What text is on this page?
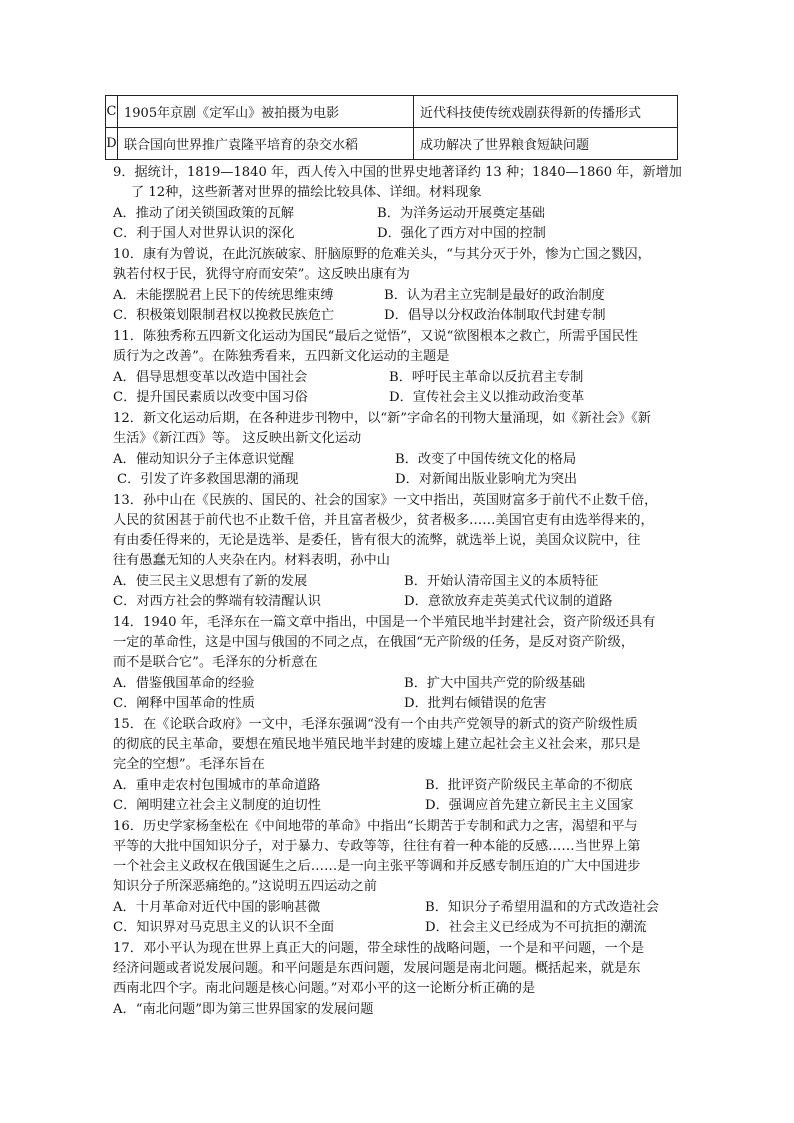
C	1905年京剧《定军山》被拍摄为电影	近代科技使传统戏剧获得新的传播形式
D	联合国向世界推广袁隆平培育的杂交水稻	成功解决了世界粮食短缺问题
9．据统计，1819—1840 年，西人传入中国的世界史地著译约 13 种；1840—1860 年，新增加
了 12种，这些新著对世界的描绘比较具体、详细。材料现象
A．推动了闭关锁国政策的瓦解	B．为洋务运动开展奠定基础
C．利于国人对世界认识的深化	D．强化了西方对中国的控制
10．康有为曾说，在此沉族破家、肝脑原野的危难关头，“与其分灭于外，惨为亡国之戮囚，
孰若付权于民，犹得守府而安荣”。这反映出康有为
A．未能摆脱君上民下的传统思维束缚	B．认为君主立宪制是最好的政治制度
C．积极策划限制君权以挽救民族危亡	D．倡导以分权政治体制取代封建专制
11．陈独秀称五四新文化运动为国民“最后之觉悟”，又说“欲图根本之救亡，所需乎国民性
质行为之改善”。在陈独秀看来，五四新文化运动的主题是
A．倡导思想变革以改造中国社会	B．呼吁民主革命以反抗君主专制
C．提升国民素质以改变中国习俗	D．宣传社会主义以推动政治变革
12．新文化运动后期，在各种进步刊物中，以“新”字命名的刊物大量涌现，如《新社会》《新
生活》《新江西》等。 这反映出新文化运动
A．催动知识分子主体意识觉醒	B．改变了中国传统文化的格局
C．引发了许多救国思潮的涌现	D．对新闻出版业影响尤为突出
13．孙中山在《民族的、国民的、社会的国家》一文中指出，英国财富多于前代不止数千倍，
人民的贫困甚于前代也不止数千倍，并且富者极少，贫者极多……美国官吏有由选举得来的，
有由委任得来的，无论是选举、是委任，皆有很大的流弊，就选举上说，美国众议院中，往
往有愚蠢无知的人夹杂在内。材料表明，孙中山
A．使三民主义思想有了新的发展	B．开始认清帝国主义的本质特征
C．对西方社会的弊端有较清醒认识	D．意欲放弃走英美式代议制的道路
14．1940 年，毛泽东在一篇文章中指出，中国是一个半殖民地半封建社会，资产阶级还具有
一定的革命性，这是中国与俄国的不同之点，在俄国“无产阶级的任务，是反对资产阶级，
而不是联合它”。毛泽东的分析意在
A．借鉴俄国革命的经验	B．扩大中国共产党的阶级基础
C．阐释中国革命的性质	D．批判右倾错误的危害
15．在《论联合政府》一文中，毛泽东强调“没有一个由共产党领导的新式的资产阶级性质
的彻底的民主革命，要想在殖民地半殖民地半封建的废墟上建立起社会主义社会来，那只是
完全的空想”。毛泽东旨在
A．重申走农村包围城市的革命道路	B．批评资产阶级民主革命的不彻底
C．阐明建立社会主义制度的迫切性	D．强调应首先建立新民主主义国家
16．历史学家杨奎松在《中间地带的革命》中指出“长期苦于专制和武力之害，渴望和平与
平等的大批中国知识分子，对于暴力、专政等等，往往有着一种本能的反感……当世界上第
一个社会主义政权在俄国诞生之后……是一向主张平等调和并反感专制压迫的广大中国进步
知识分子所深恶痛绝的。”这说明五四运动之前
A．十月革命对近代中国的影响甚微	B．知识分子希望用温和的方式改造社会
C．知识界对马克思主义的认识不全面	D．社会主义已经成为不可抗拒的潮流
17．邓小平认为现在世界上真正大的问题，带全球性的战略问题，一个是和平问题，一个是
经济问题或者说发展问题。和平问题是东西问题，发展问题是南北问题。概括起来，就是东
西南北四个字。南北问题是核心问题。”对邓小平的这一论断分析正确的是
A．“南北问题”即为第三世界国家的发展问题
